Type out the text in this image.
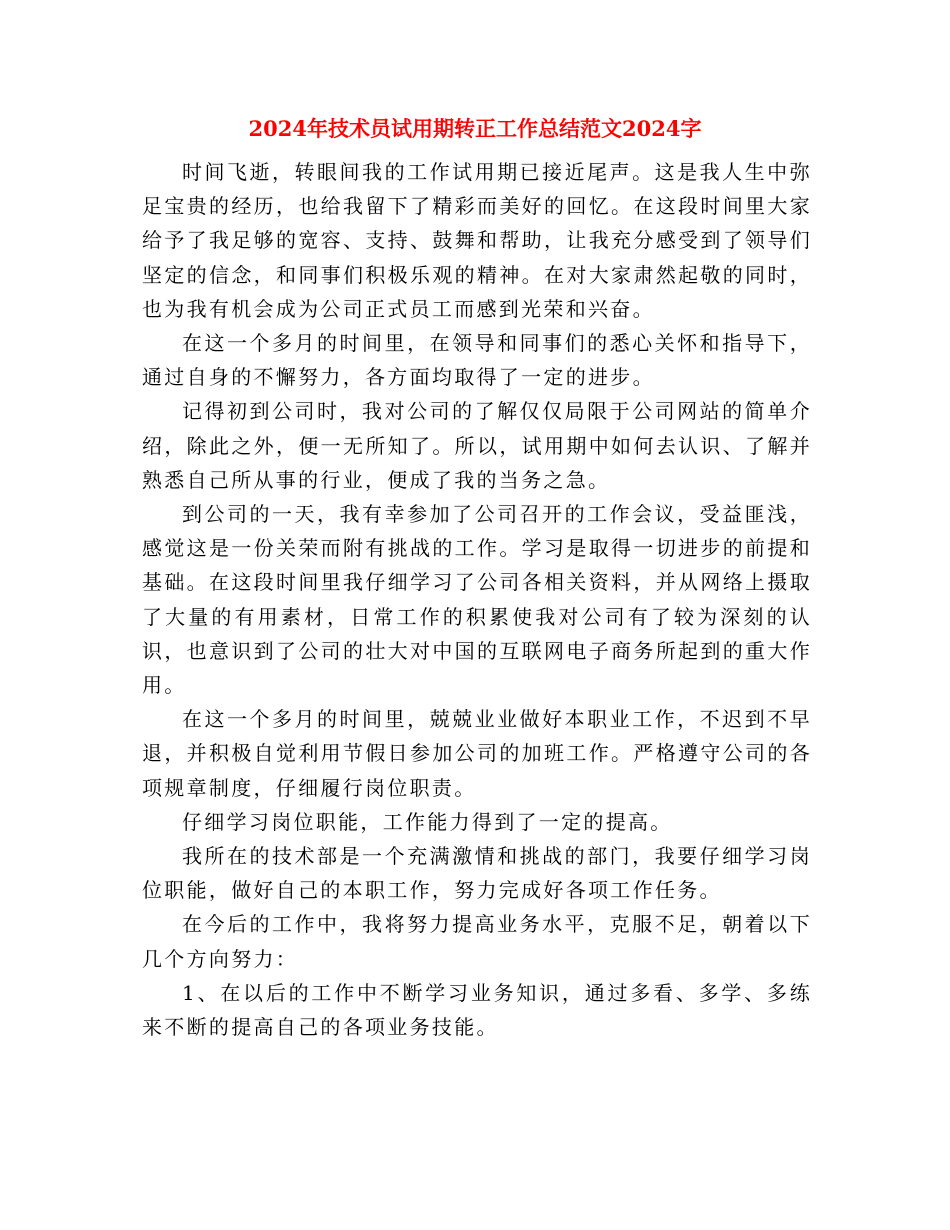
2024年技术员试用期转正工作总结范文2024字

时间飞逝，转眼间我的工作试用期已接近尾声。这是我人生中弥足宝贵的经历，也给我留下了精彩而美好的回忆。在这段时间里大家给予了我足够的宽容、支持、鼓舞和帮助，让我充分感受到了领导们坚定的信念，和同事们积极乐观的精神。在对大家肃然起敬的同时，也为我有机会成为公司正式员工而感到光荣和兴奋。

在这一个多月的时间里，在领导和同事们的悉心关怀和指导下，通过自身的不懈努力，各方面均取得了一定的进步。

记得初到公司时，我对公司的了解仅仅局限于公司网站的简单介绍，除此之外，便一无所知了。所以，试用期中如何去认识、了解并熟悉自己所从事的行业，便成了我的当务之急。

到公司的一天，我有幸参加了公司召开的工作会议，受益匪浅，感觉这是一份关荣而附有挑战的工作。学习是取得一切进步的前提和基础。在这段时间里我仔细学习了公司各相关资料，并从网络上摄取了大量的有用素材，日常工作的积累使我对公司有了较为深刻的认识，也意识到了公司的壮大对中国的互联网电子商务所起到的重大作用。

在这一个多月的时间里，兢兢业业做好本职业工作，不迟到不早退，并积极自觉利用节假日参加公司的加班工作。严格遵守公司的各项规章制度，仔细履行岗位职责。

仔细学习岗位职能，工作能力得到了一定的提高。

我所在的技术部是一个充满激情和挑战的部门，我要仔细学习岗位职能，做好自己的本职工作，努力完成好各项工作任务。

在今后的工作中，我将努力提高业务水平，克服不足，朝着以下几个方向努力：

1、在以后的工作中不断学习业务知识，通过多看、多学、多练来不断的提高自己的各项业务技能。
